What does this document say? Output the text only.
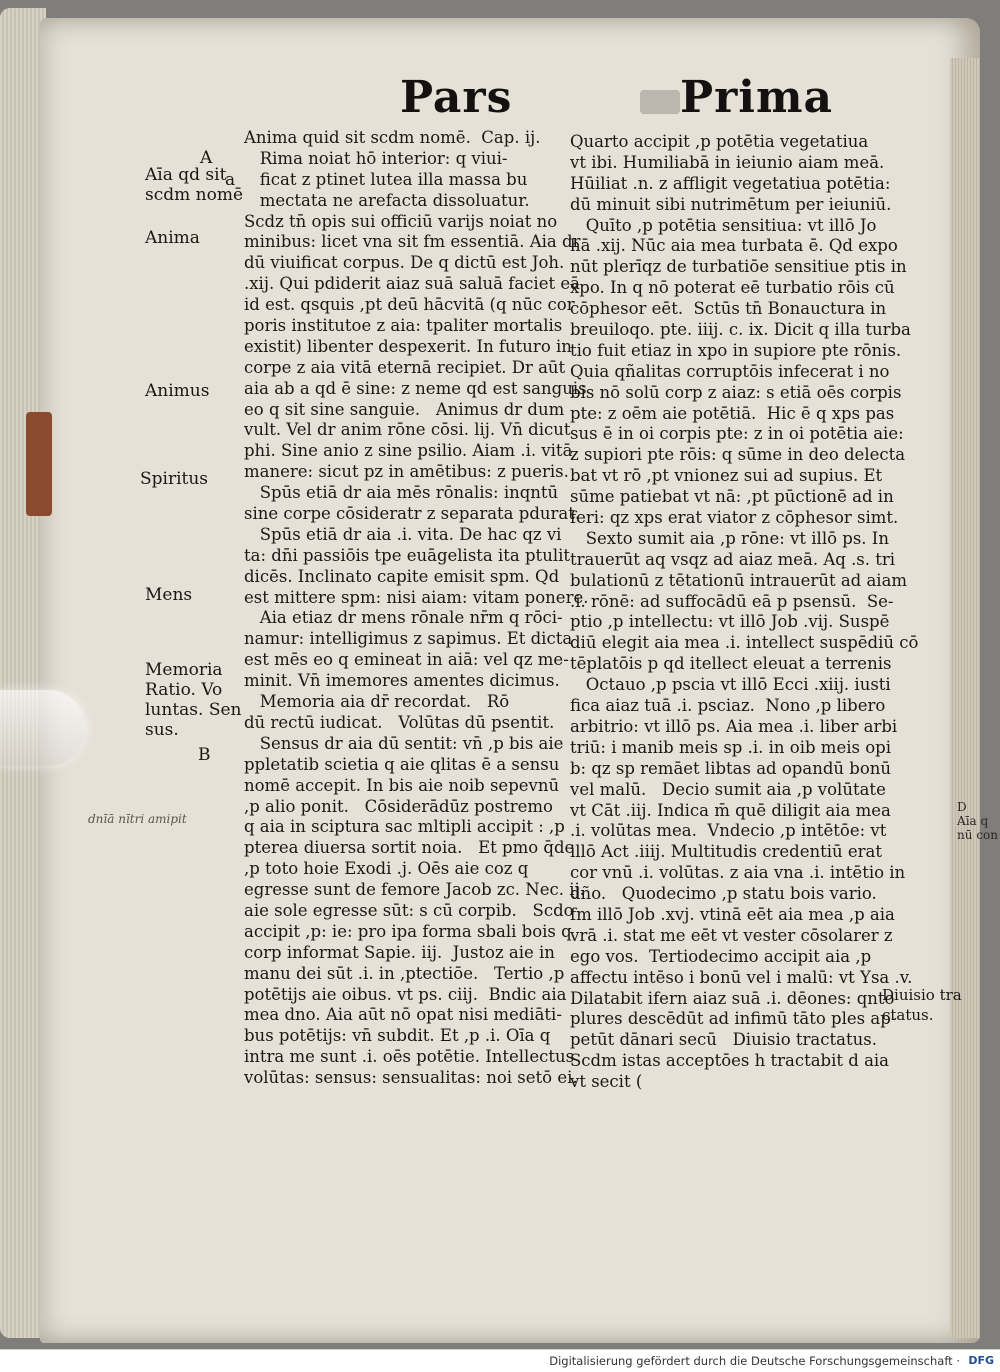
Pars	Prima
Anima quid sit scdm nomē.  Cap. ij.
Rima noiat hō interior: q viui-
ficat z ptinet lutea illa massa bu
mectata ne arefacta dissoluatur.
Scdz tn̄ opis sui officiū varijs noiat no
minibus: licet vna sit fm essentiā. Aia dr
dū viuificat corpus. De q dictū est Joh.
.xij. Qui pdiderit aiaz suā saluā faciet eā
id est. qsquis ,pt deū hācvitā (q nūc cor
poris institutoe z aia: tpaliter mortalis
existit) libenter despexerit. In futuro in
corpe z aia vitā eternā recipiet. Dr aūt
aia ab a qd ē sine: z neme qd est sanguis
eo q sit sine sanguie.   Animus dr dum
vult. Vel dr anim rōne cōsi. lij. Vn̄ dicut
phi. Sine anio z sine psilio. Aiam .i. vitā
manere: sicut pz in amētibus: z pueris.
Spūs etiā dr aia mēs rōnalis: inqntū
sine corpe cōsideratr z separata pdurat.
Spūs etiā dr aia .i. vita. De hac qz vi
ta: dn̄i passiōis tpe euāgelista ita ptulit
dicēs. Inclinato capite emisit spm. Qd
est mittere spm: nisi aiam: vitam ponere.
Aia etiaz dr mens rōnale nr̄m q rōci-
namur: intelligimus z sapimus. Et dicta
est mēs eo q emineat in aiā: vel qz me-
minit. Vn̄ imemores amentes dicimus.
Memoria aia dr̄ recordat.   Rō
dū rectū iudicat.   Volūtas dū psentit.
Sensus dr aia dū sentit: vn̄ ,p bis aie
ppletatib scietia q aie qlitas ē a sensu
nomē accepit. In bis aie noib sepevnū
,p alio ponit.   Cōsiderādūz postremo
q aia in sciptura sac mltipli accipit : ,p
pterea diuersa sortit noia.   Et pmo q̄de
,p toto hoie Exodi .j. Oēs aie coz q
egresse sunt de femore Jacob zc. Nec. ij.
aie sole egresse sūt: s cū corpib.   Scdo
accipit ,p: ie: pro ipa forma sbali bois q
corp informat Sapie. iij.  Justoz aie in
manu dei sūt .i. in ,ptectiōe.   Tertio ,p
potētijs aie oibus. vt ps. ciij.  Bndic aia
mea dno. Aia aūt nō opat nisi mediāti-
bus potētijs: vn̄ subdit. Et ,p .i. Oīa q
intra me sunt .i. oēs potētie. Intellectus
volūtas: sensus: sensualitas: noi setō ei.
Quarto accipit ,p potētia vegetatiua
vt ibi. Humiliabā in ieiunio aiam meā.
Hūiliat .n. z affligit vegetatiua potētia:
dū minuit sibi nutrimētum per ieiuniū.
Quīto ,p potētia sensitiua: vt illō Jo
hā .xij. Nūc aia mea turbata ē. Qd expo
nūt plerīqz de turbatiōe sensitiue ptis in
xpo. In q nō poterat eē turbatio rōis cū
cōphesor eēt.  Sctūs tn̄ Bonauctura in
breuiloqo. pte. iiij. c. ix. Dicit q illa turba
tio fuit etiaz in xpo in supiore pte rōnis.
Quia qñalitas corruptōis infecerat i no
bis nō solū corp z aiaz: s etiā oēs corpis
pte: z oēm aie potētiā.  Hic ē q xps pas
sus ē in oi corpis pte: z in oi potētia aie:
z supiori pte rōis: q sūme in deo delecta
bat vt rō ,pt vnionez sui ad supius. Et
sūme patiebat vt nā: ,pt pūctionē ad in
feri: qz xps erat viator z cōphesor simt.
Sexto sumit aia ,p rōne: vt illō ps. In
trauerūt aq vsqz ad aiaz meā. Aq .s. tri
bulationū z tētationū intrauerūt ad aiam
.i. rōnē: ad suffocādū eā p psensū.  Se-
ptio ,p intellectu: vt illō Job .vij. Suspē
diū elegit aia mea .i. intellect suspēdiū cō
tēplatōis p qd itellect eleuat a terrenis
Octauo ,p pscia vt illō Ecci .xiij. iusti
fica aiaz tuā .i. psciaz.  Nono ,p libero
arbitrio: vt illō ps. Aia mea .i. liber arbi
triū: i manib meis sp .i. in oib meis opi
b: qz sp remāet libtas ad opandū bonū
vel malū.   Decio sumit aia ,p volūtate
vt Cāt .iij. Indica m̄ quē diligit aia mea
.i. volūtas mea.  Vndecio ,p intētōe: vt
illō Act .iiij. Multitudis credentiū erat
cor vnū .i. volūtas. z aia vna .i. intētio in
dño.   Quodecimo ,p statu bois vario.
fm illō Job .xvj. vtinā eēt aia mea ,p aia
vrā .i. stat me eēt vt vester cōsolarer z
ego vos.  Tertiodecimo accipit aia ,p
affectu intēso i bonū vel i malū: vt Ysa .v.
Dilatabit ifern aiaz suā .i. dēones: qnto
plures descēdūt ad infimū tāto ples ap-
petūt dānari secū   Diuisio tractatus.
Scdm istas acceptōes h tractabit d aia
vt secit (
A
Aīa qd sit
scdm nomē
a
Anima
Animus
Spiritus
Mens
Memoria
Ratio. Vo
luntas. Sen
sus.
B
dnīā nītri amipit
Diuisio tra
ctatus.
D
Aīa q
nū con
Digitalisierung gefördert durch die Deutsche Forschungsgemeinschaft · DFG
